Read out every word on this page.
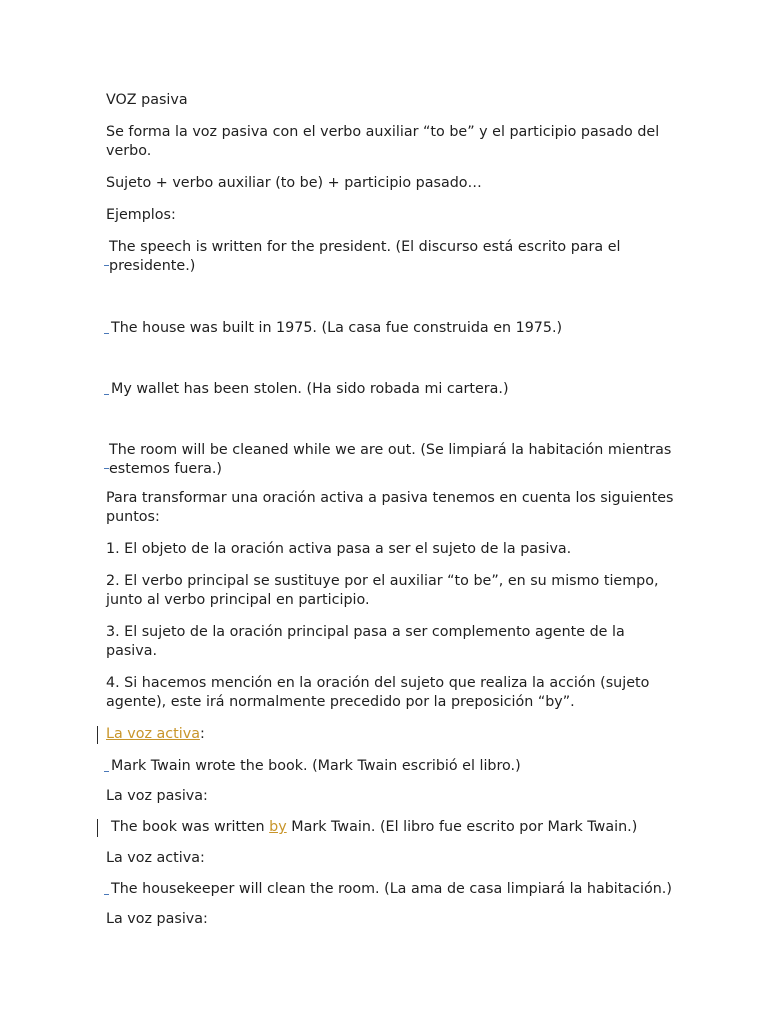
VOZ pasiva
Se forma la voz pasiva con el verbo auxiliar “to be” y el participio pasado del
verbo.
Sujeto + verbo auxiliar (to be) + participio pasado…
Ejemplos:
The speech is written for the president. (El discurso está escrito para el
presidente.)
The house was built in 1975. (La casa fue construida en 1975.)
My wallet has been stolen. (Ha sido robada mi cartera.)
The room will be cleaned while we are out. (Se limpiará la habitación mientras
estemos fuera.)
Para transformar una oración activa a pasiva tenemos en cuenta los siguientes
puntos:
1. El objeto de la oración activa pasa a ser el sujeto de la pasiva.
2. El verbo principal se sustituye por el auxiliar “to be”, en su mismo tiempo,
junto al verbo principal en participio.
3. El sujeto de la oración principal pasa a ser complemento agente de la
pasiva.
4. Si hacemos mención en la oración del sujeto que realiza la acción (sujeto
agente), este irá normalmente precedido por la preposición “by”.
La voz activa:
Mark Twain wrote the book. (Mark Twain escribió el libro.)
La voz pasiva:
The book was written by Mark Twain. (El libro fue escrito por Mark Twain.)
La voz activa:
The housekeeper will clean the room. (La ama de casa limpiará la habitación.)
La voz pasiva:
